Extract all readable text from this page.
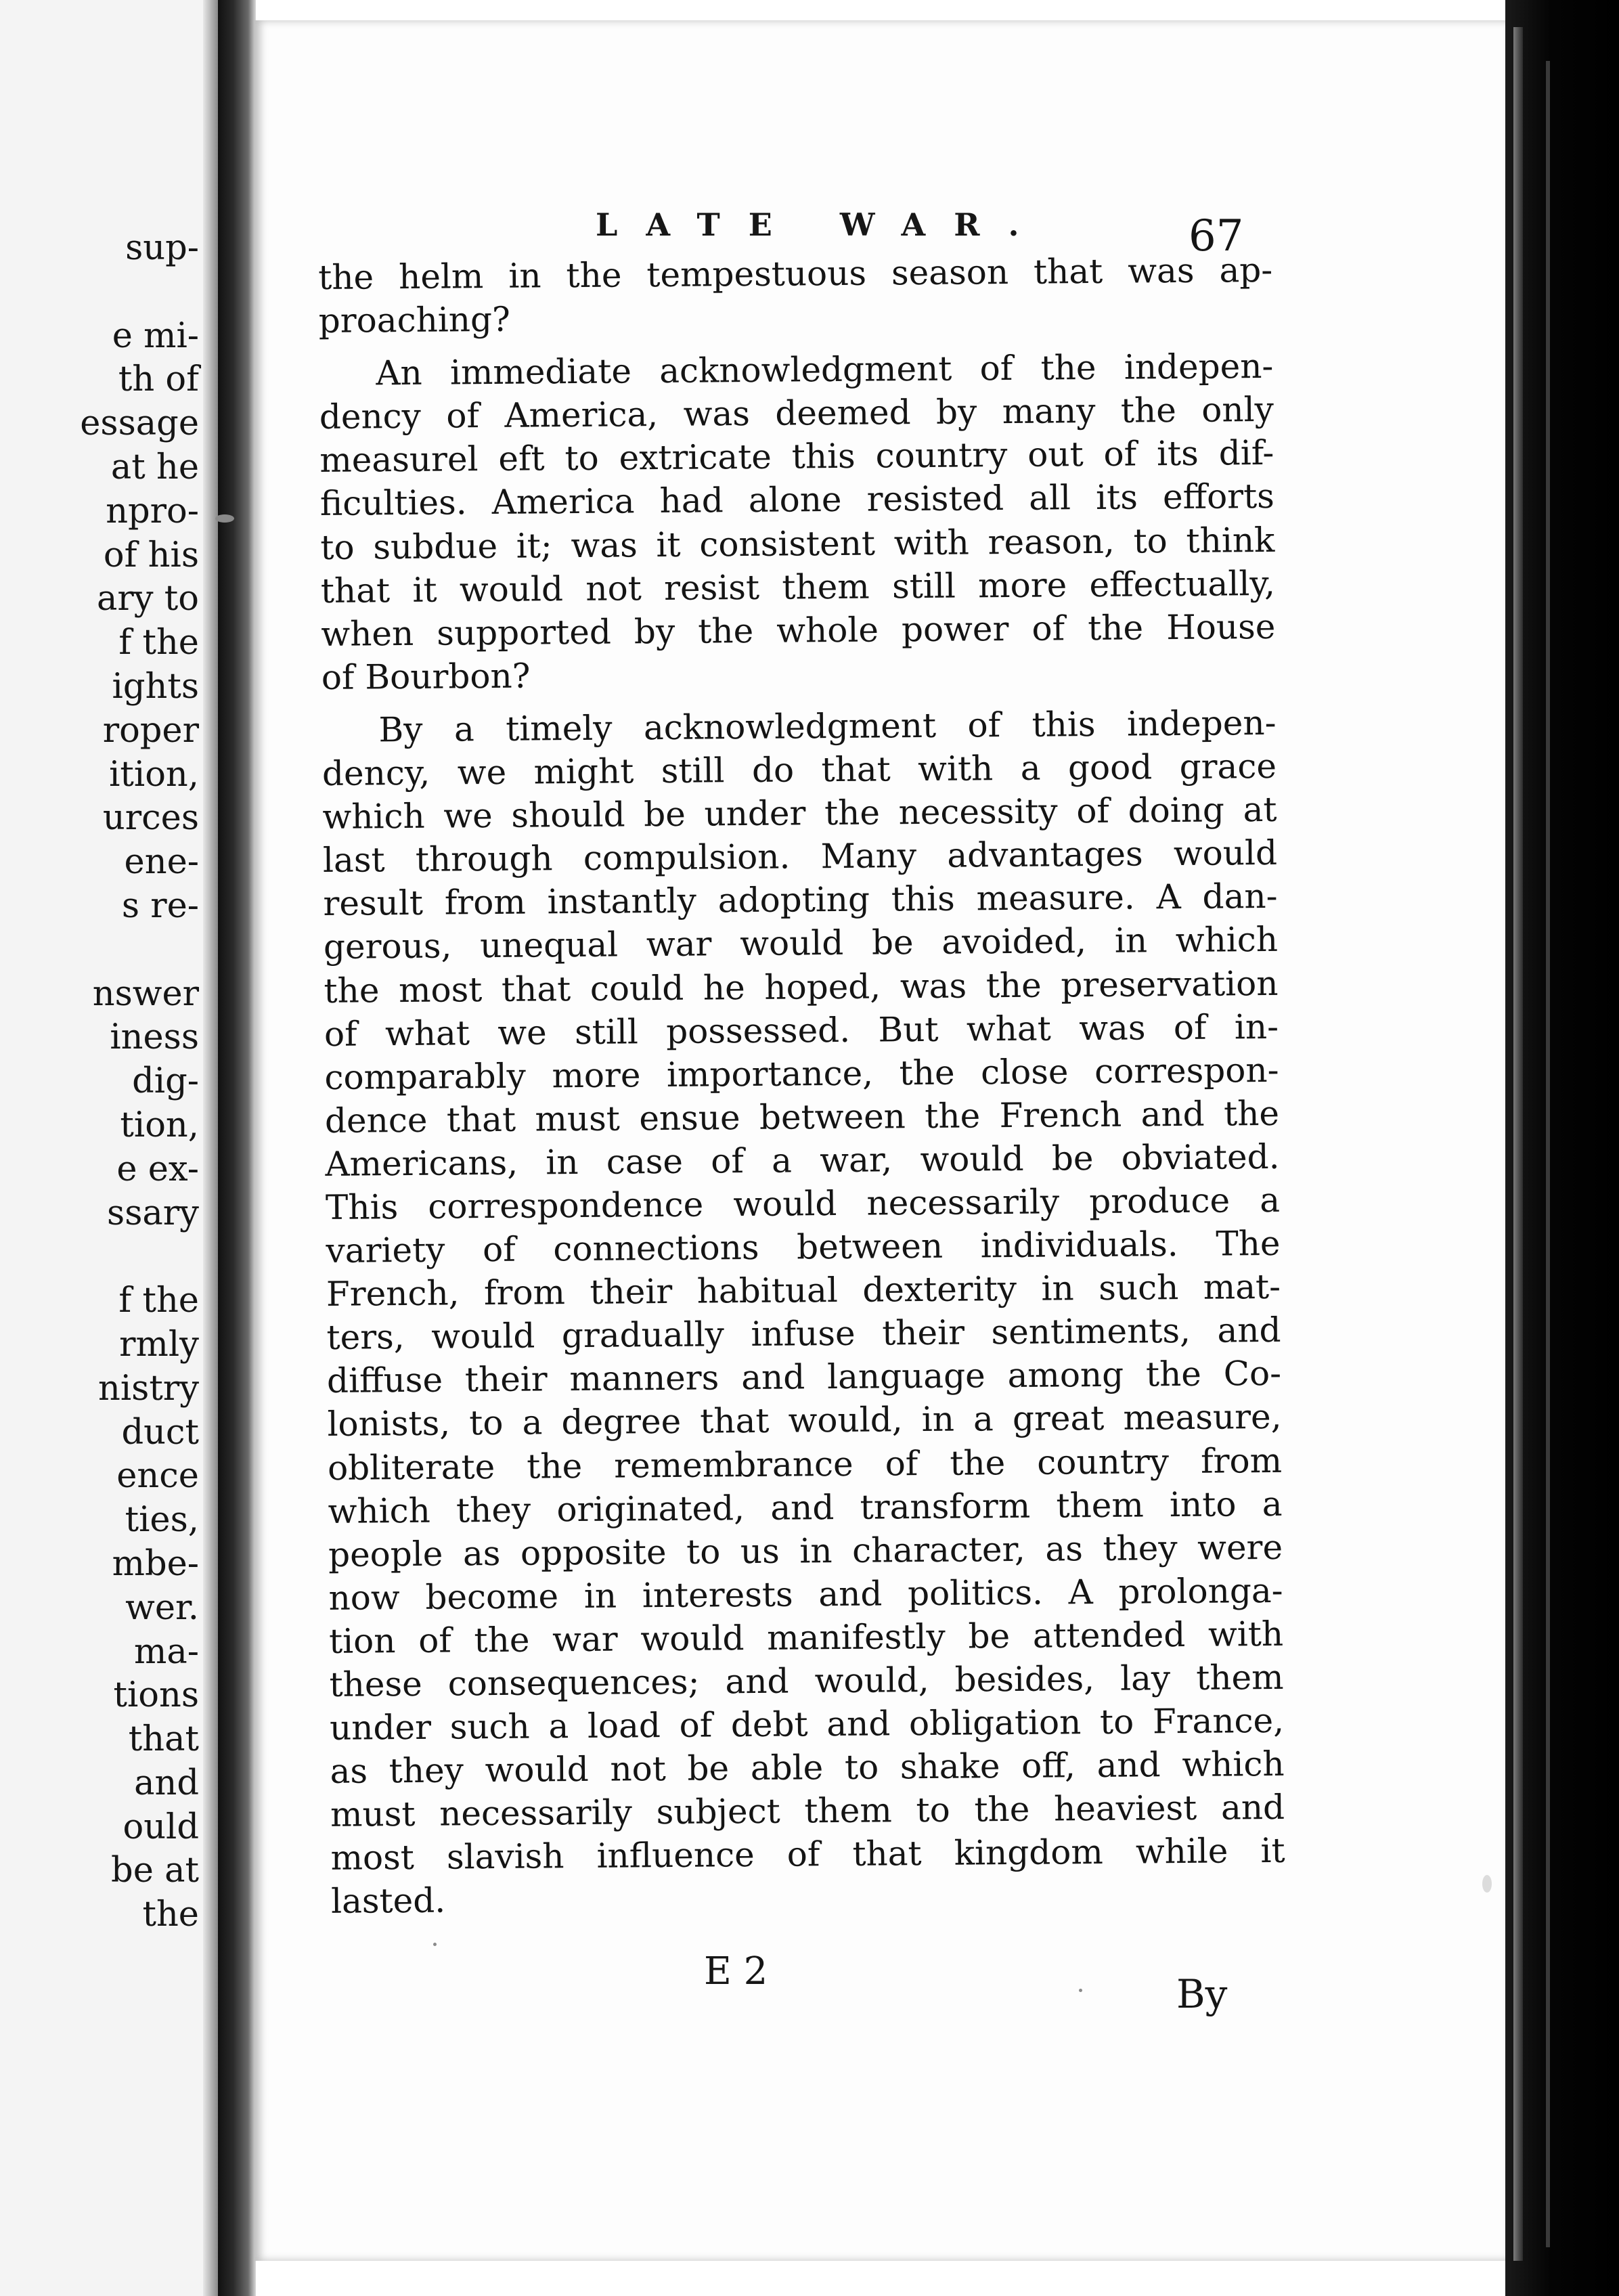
sup-
e mi-
th of
essage
at he
npro-
of his
ary to
f the
ights
roper
ition,
urces
ene-
s re-
nswer
iness
dig-
tion,
e ex-
ssary
f the
rmly
nistry
duct
ence
ties,
mbe-
wer.
ma-
tions
that
and
ould
be at
the
LATE WAR.	67
the helm in the tempestuous season that was ap-
proaching?
An immediate acknowledgment of the indepen-
dency of America, was deemed by many the only
measurel eft to extricate this country out of its dif-
ficulties. America had alone resisted all its efforts
to subdue it; was it consistent with reason, to think
that it would not resist them still more effectually,
when supported by the whole power of the House
of Bourbon?
By a timely acknowledgment of this indepen-
dency, we might still do that with a good grace
which we should be under the necessity of doing at
last through compulsion. Many advantages would
result from instantly adopting this measure. A dan-
gerous, unequal war would be avoided, in which
the most that could he hoped, was the preservation
of what we still possessed. But what was of in-
comparably more importance, the close correspon-
dence that must ensue between the French and the
Americans, in case of a war, would be obviated.
This correspondence would necessarily produce a
variety of connections between individuals. The
French, from their habitual dexterity in such mat-
ters, would gradually infuse their sentiments, and
diffuse their manners and language among the Co-
lonists, to a degree that would, in a great measure,
obliterate the remembrance of the country from
which they originated, and transform them into a
people as opposite to us in character, as they were
now become in interests and politics. A prolonga-
tion of the war would manifestly be attended with
these consequences; and would, besides, lay them
under such a load of debt and obligation to France,
as they would not be able to shake off, and which
must necessarily subject them to the heaviest and
most slavish influence of that kingdom while it
lasted.
E 2	By
